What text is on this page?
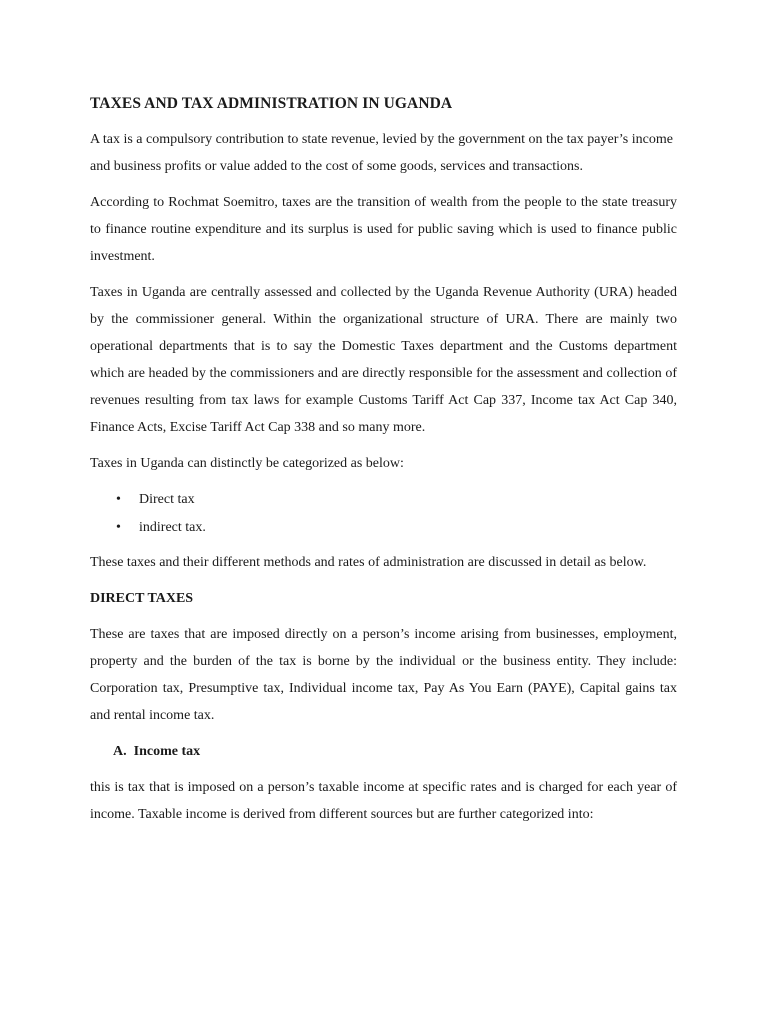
TAXES AND TAX ADMINISTRATION IN UGANDA

A tax is a compulsory contribution to state revenue, levied by the government on the tax payer’s income and business profits or value added to the cost of some goods, services and transactions.

According to Rochmat Soemitro, taxes are the transition of wealth from the people to the state treasury to finance routine expenditure and its surplus is used for public saving which is used to finance public investment.

Taxes in Uganda are centrally assessed and collected by the Uganda Revenue Authority (URA) headed by the commissioner general. Within the organizational structure of URA. There are mainly two operational departments that is to say the Domestic Taxes department and the Customs department which are headed by the commissioners and are directly responsible for the assessment and collection of revenues resulting from tax laws for example Customs Tariff Act Cap 337, Income tax Act Cap 340, Finance Acts, Excise Tariff Act Cap 338 and so many more.

Taxes in Uganda can distinctly be categorized as below:

• Direct tax
• indirect tax.

These taxes and their different methods and rates of administration are discussed in detail as below.

DIRECT TAXES

These are taxes that are imposed directly on a person’s income arising from businesses, employment, property and the burden of the tax is borne by the individual or the business entity. They include: Corporation tax, Presumptive tax, Individual income tax, Pay As You Earn (PAYE), Capital gains tax and rental income tax.

A. Income tax

this is tax that is imposed on a person’s taxable income at specific rates and is charged for each year of income. Taxable income is derived from different sources but are further categorized into:
